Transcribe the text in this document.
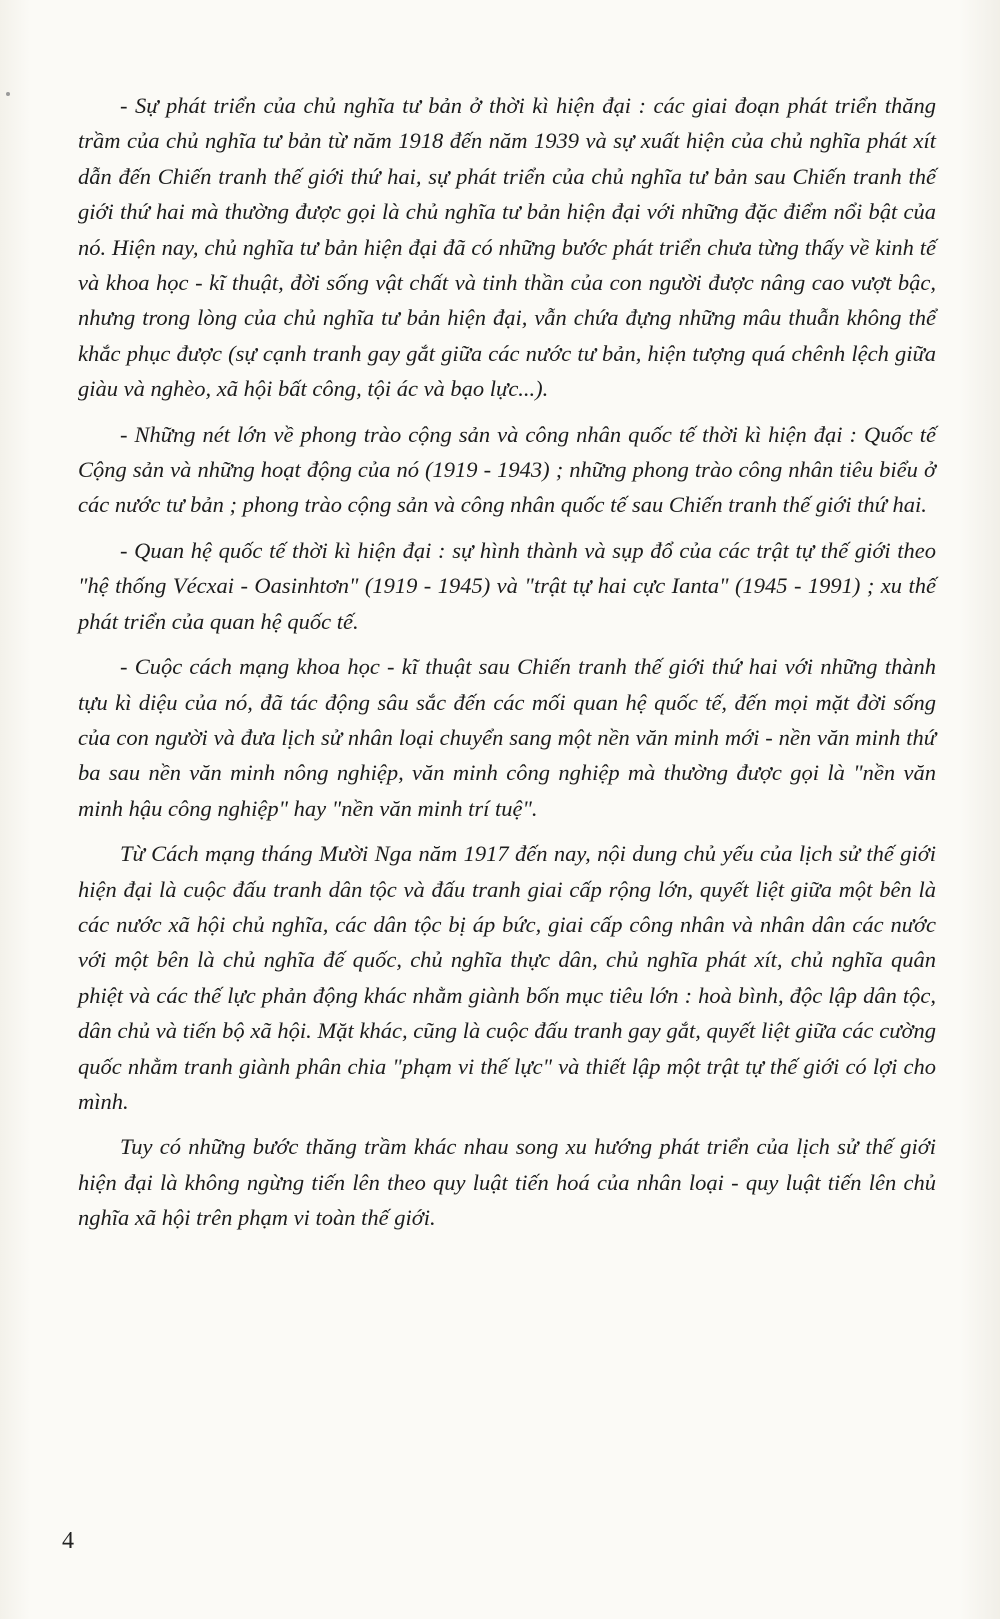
- Sự phát triển của chủ nghĩa tư bản ở thời kì hiện đại : các giai đoạn phát triển thăng trầm của chủ nghĩa tư bản từ năm 1918 đến năm 1939 và sự xuất hiện của chủ nghĩa phát xít dẫn đến Chiến tranh thế giới thứ hai, sự phát triển của chủ nghĩa tư bản sau Chiến tranh thế giới thứ hai mà thường được gọi là chủ nghĩa tư bản hiện đại với những đặc điểm nổi bật của nó. Hiện nay, chủ nghĩa tư bản hiện đại đã có những bước phát triển chưa từng thấy về kinh tế và khoa học - kĩ thuật, đời sống vật chất và tinh thần của con người được nâng cao vượt bậc, nhưng trong lòng của chủ nghĩa tư bản hiện đại, vẫn chứa đựng những mâu thuẫn không thể khắc phục được (sự cạnh tranh gay gắt giữa các nước tư bản, hiện tượng quá chênh lệch giữa giàu và nghèo, xã hội bất công, tội ác và bạo lực...).

- Những nét lớn về phong trào cộng sản và công nhân quốc tế thời kì hiện đại : Quốc tế Cộng sản và những hoạt động của nó (1919 - 1943) ; những phong trào công nhân tiêu biểu ở các nước tư bản ; phong trào cộng sản và công nhân quốc tế sau Chiến tranh thế giới thứ hai.

- Quan hệ quốc tế thời kì hiện đại : sự hình thành và sụp đổ của các trật tự thế giới theo "hệ thống Vécxai - Oasinhtơn" (1919 - 1945) và "trật tự hai cực Ianta" (1945 - 1991) ; xu thế phát triển của quan hệ quốc tế.

- Cuộc cách mạng khoa học - kĩ thuật sau Chiến tranh thế giới thứ hai với những thành tựu kì diệu của nó, đã tác động sâu sắc đến các mối quan hệ quốc tế, đến mọi mặt đời sống của con người và đưa lịch sử nhân loại chuyển sang một nền văn minh mới - nền văn minh thứ ba sau nền văn minh nông nghiệp, văn minh công nghiệp mà thường được gọi là "nền văn minh hậu công nghiệp" hay "nền văn minh trí tuệ".

Từ Cách mạng tháng Mười Nga năm 1917 đến nay, nội dung chủ yếu của lịch sử thế giới hiện đại là cuộc đấu tranh dân tộc và đấu tranh giai cấp rộng lớn, quyết liệt giữa một bên là các nước xã hội chủ nghĩa, các dân tộc bị áp bức, giai cấp công nhân và nhân dân các nước với một bên là chủ nghĩa đế quốc, chủ nghĩa thực dân, chủ nghĩa phát xít, chủ nghĩa quân phiệt và các thế lực phản động khác nhằm giành bốn mục tiêu lớn : hoà bình, độc lập dân tộc, dân chủ và tiến bộ xã hội. Mặt khác, cũng là cuộc đấu tranh gay gắt, quyết liệt giữa các cường quốc nhằm tranh giành phân chia "phạm vi thế lực" và thiết lập một trật tự thế giới có lợi cho mình.

Tuy có những bước thăng trầm khác nhau song xu hướng phát triển của lịch sử thế giới hiện đại là không ngừng tiến lên theo quy luật tiến hoá của nhân loại - quy luật tiến lên chủ nghĩa xã hội trên phạm vi toàn thế giới.

4
